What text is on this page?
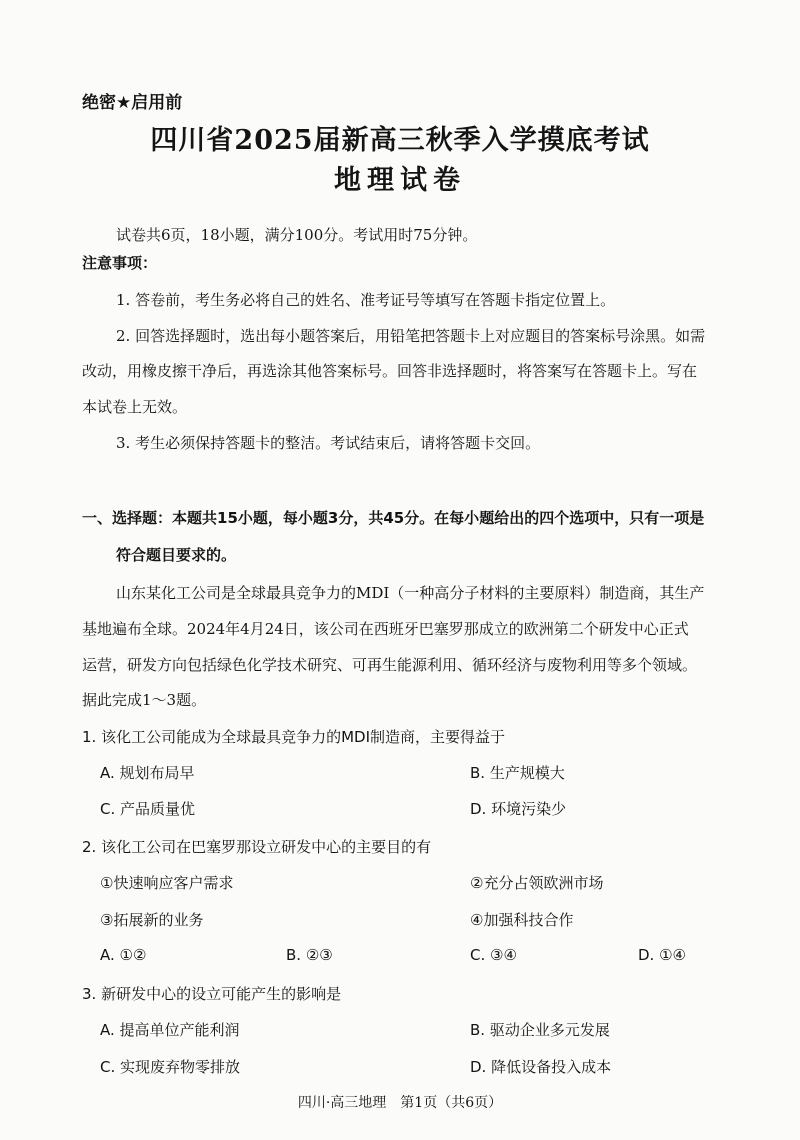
绝密★启用前
四川省2025届新高三秋季入学摸底考试
地理试卷
试卷共6页，18小题，满分100分。考试用时75分钟。
注意事项：
1. 答卷前，考生务必将自己的姓名、准考证号等填写在答题卡指定位置上。
2. 回答选择题时，选出每小题答案后，用铅笔把答题卡上对应题目的答案标号涂黑。如需
改动，用橡皮擦干净后，再选涂其他答案标号。回答非选择题时，将答案写在答题卡上。写在
本试卷上无效。
3. 考生必须保持答题卡的整洁。考试结束后，请将答题卡交回。
一、选择题：本题共15小题，每小题3分，共45分。在每小题给出的四个选项中，只有一项是
符合题目要求的。
山东某化工公司是全球最具竞争力的MDI（一种高分子材料的主要原料）制造商，其生产
基地遍布全球。2024年4月24日，该公司在西班牙巴塞罗那成立的欧洲第二个研发中心正式
运营，研发方向包括绿色化学技术研究、可再生能源利用、循环经济与废物利用等多个领域。
据此完成1～3题。
1. 该化工公司能成为全球最具竞争力的MDI制造商，主要得益于
A. 规划布局早	B. 生产规模大
C. 产品质量优	D. 环境污染少
2. 该化工公司在巴塞罗那设立研发中心的主要目的有
①快速响应客户需求	②充分占领欧洲市场
③拓展新的业务	④加强科技合作
A. ①②	B. ②③	C. ③④	D. ①④
3. 新研发中心的设立可能产生的影响是
A. 提高单位产能利润	B. 驱动企业多元发展
C. 实现废弃物零排放	D. 降低设备投入成本
四川·高三地理　第1页（共6页）
